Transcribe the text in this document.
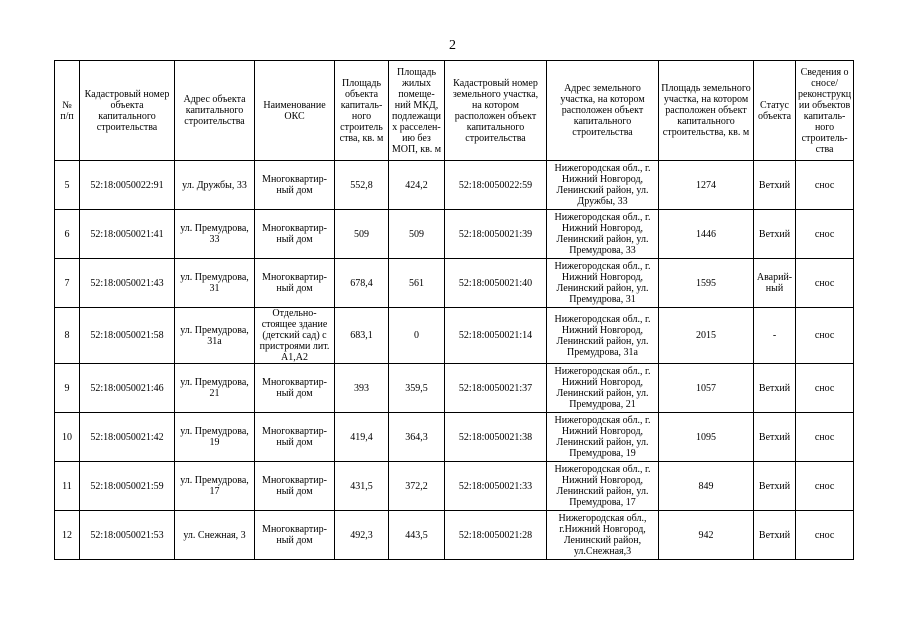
2
№ п/п	Кадастровый номер объекта капитального строительства	Адрес объекта капитального строительства	Наименование ОКС	Площадь объекта капиталь-ного строитель ства, кв. м	Площадь жилых помеще-ний МКД, подлежащи х расселен-ию без МОП, кв. м	Кадастровый номер земельного участка, на котором расположен объект капитального строительства	Адрес земельного участка, на котором расположен объект капитального строительства	Площадь земельного участка, на котором расположен объект капитального строительства, кв. м	Статус объекта	Сведения о сносе/ реконструкц ии объектов капиталь-ного строитель-ства
5	52:18:0050022:91	ул. Дружбы, 33	Многоквартир-ный дом	552,8	424,2	52:18:0050022:59	Нижегородская обл., г. Нижний Новгород, Ленинский район, ул. Дружбы, 33	1274	Ветхий	снос
6	52:18:0050021:41	ул. Премудрова, 33	Многоквартир-ный дом	509	509	52:18:0050021:39	Нижегородская обл., г. Нижний Новгород, Ленинский район, ул. Премудрова, 33	1446	Ветхий	снос
7	52:18:0050021:43	ул. Премудрова, 31	Многоквартир-ный дом	678,4	561	52:18:0050021:40	Нижегородская обл., г. Нижний Новгород, Ленинский район, ул. Премудрова, 31	1595	Аварий-ный	снос
8	52:18:0050021:58	ул. Премудрова, 31а	Отдельно-стоящее здание (детский сад) с пристроями лит. А1,А2	683,1	0	52:18:0050021:14	Нижегородская обл., г. Нижний Новгород, Ленинский район, ул. Премудрова, 31а	2015	-	снос
9	52:18:0050021:46	ул. Премудрова, 21	Многоквартир-ный дом	393	359,5	52:18:0050021:37	Нижегородская обл., г. Нижний Новгород, Ленинский район, ул. Премудрова, 21	1057	Ветхий	снос
10	52:18:0050021:42	ул. Премудрова, 19	Многоквартир-ный дом	419,4	364,3	52:18:0050021:38	Нижегородская обл., г. Нижний Новгород, Ленинский район, ул. Премудрова, 19	1095	Ветхий	снос
11	52:18:0050021:59	ул. Премудрова, 17	Многоквартир-ный дом	431,5	372,2	52:18:0050021:33	Нижегородская обл., г. Нижний Новгород, Ленинский район, ул. Премудрова, 17	849	Ветхий	снос
12	52:18:0050021:53	ул. Снежная, 3	Многоквартир-ный дом	492,3	443,5	52:18:0050021:28	Нижегородская обл., г.Нижний Новгород, Ленинский район, ул.Снежная,3	942	Ветхий	снос
